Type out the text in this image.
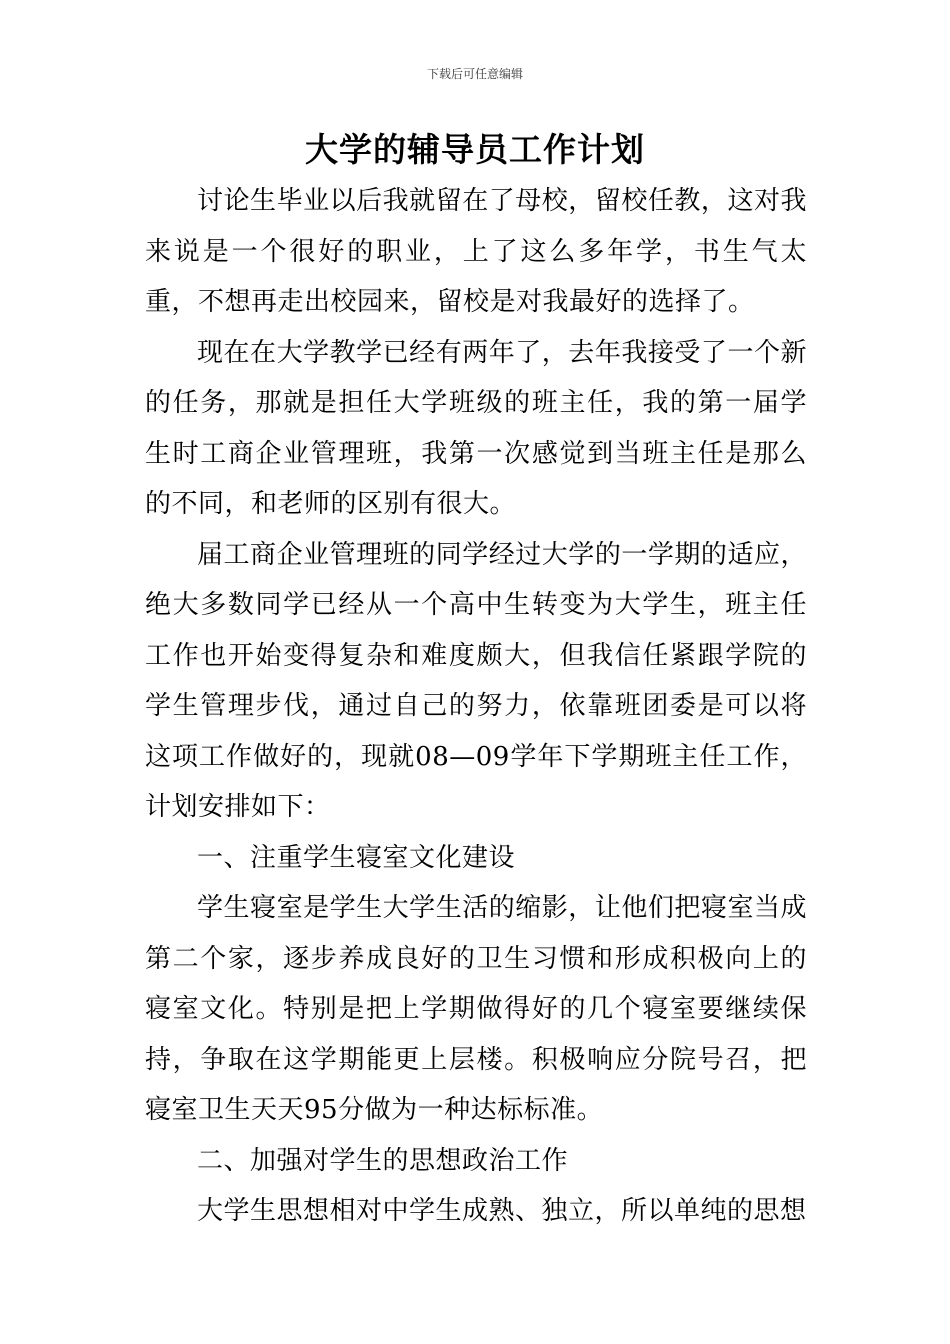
下载后可任意编辑
大学的辅导员工作计划

讨论生毕业以后我就留在了母校，留校任教，这对我来说是一个很好的职业，上了这么多年学，书生气太重，不想再走出校园来，留校是对我最好的选择了。

现在在大学教学已经有两年了，去年我接受了一个新的任务，那就是担任大学班级的班主任，我的第一届学生时工商企业管理班，我第一次感觉到当班主任是那么的不同，和老师的区别有很大。

届工商企业管理班的同学经过大学的一学期的适应，绝大多数同学已经从一个高中生转变为大学生，班主任工作也开始变得复杂和难度颇大，但我信任紧跟学院的学生管理步伐，通过自己的努力，依靠班团委是可以将这项工作做好的，现就08—09学年下学期班主任工作，计划安排如下：

一、注重学生寝室文化建设

学生寝室是学生大学生活的缩影，让他们把寝室当成第二个家，逐步养成良好的卫生习惯和形成积极向上的寝室文化。特别是把上学期做得好的几个寝室要继续保持，争取在这学期能更上层楼。积极响应分院号召，把寝室卫生天天95分做为一种达标标准。

二、加强对学生的思想政治工作

大学生思想相对中学生成熟、独立，所以单纯的思想
